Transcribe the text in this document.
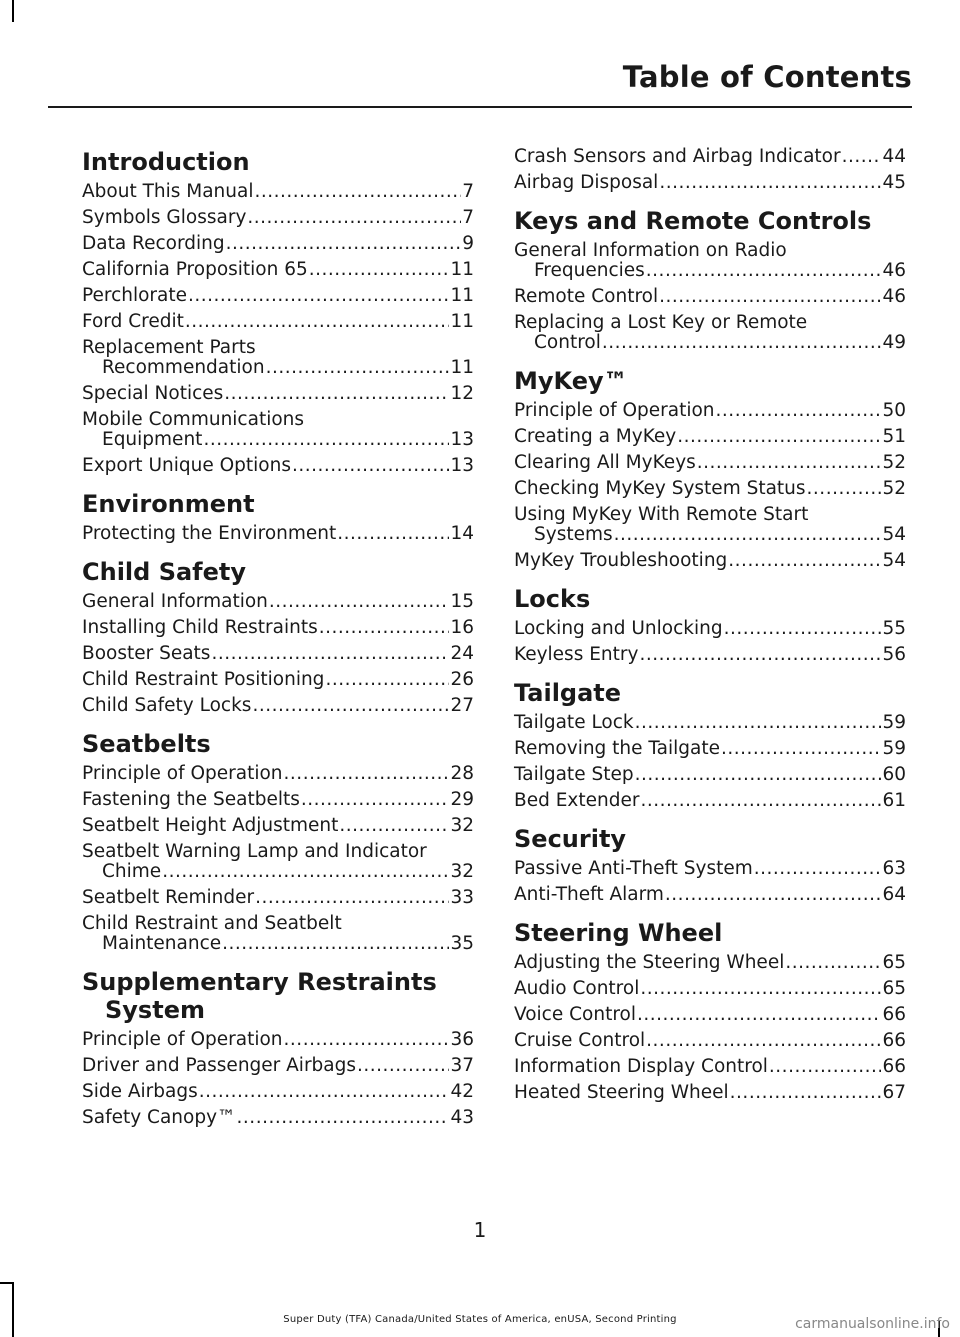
Table of Contents
Introduction
About This Manual .....	7
Symbols Glossary .....	7
Data Recording .....	9
California Proposition 65 .....	11
Perchlorate .....	11
Ford Credit .....	11
Replacement Parts
Recommendation .....	11
Special Notices .....	12
Mobile Communications
Equipment .....	13
Export Unique Options .....	13
Environment
Protecting the Environment .....	14
Child Safety
General Information .....	15
Installing Child Restraints .....	16
Booster Seats .....	24
Child Restraint Positioning .....	26
Child Safety Locks .....	27
Seatbelts
Principle of Operation .....	28
Fastening the Seatbelts .....	29
Seatbelt Height Adjustment .....	32
Seatbelt Warning Lamp and Indicator
Chime .....	32
Seatbelt Reminder .....	33
Child Restraint and Seatbelt
Maintenance .....	35
Supplementary Restraints
System
Principle of Operation .....	36
Driver and Passenger Airbags .....	37
Side Airbags .....	42
Safety Canopy™ .....	43
Crash Sensors and Airbag Indicator ..... 44
Airbag Disposal .....	45
Keys and Remote Controls
General Information on Radio
Frequencies .....	46
Remote Control .....	46
Replacing a Lost Key or Remote
Control .....	49
MyKey™
Principle of Operation .....	50
Creating a MyKey .....	51
Clearing All MyKeys .....	52
Checking MyKey System Status .....	52
Using MyKey With Remote Start
Systems .....	54
MyKey Troubleshooting .....	54
Locks
Locking and Unlocking .....	55
Keyless Entry .....	56
Tailgate
Tailgate Lock .....	59
Removing the Tailgate .....	59
Tailgate Step .....	60
Bed Extender .....	61
Security
Passive Anti-Theft System .....	63
Anti-Theft Alarm .....	64
Steering Wheel
Adjusting the Steering Wheel .....	65
Audio Control .....	65
Voice Control .....	66
Cruise Control .....	66
Information Display Control .....	66
Heated Steering Wheel .....	67
1
Super Duty (TFA) Canada/United States of America, enUSA, Second Printing	carmanualsonline.info
